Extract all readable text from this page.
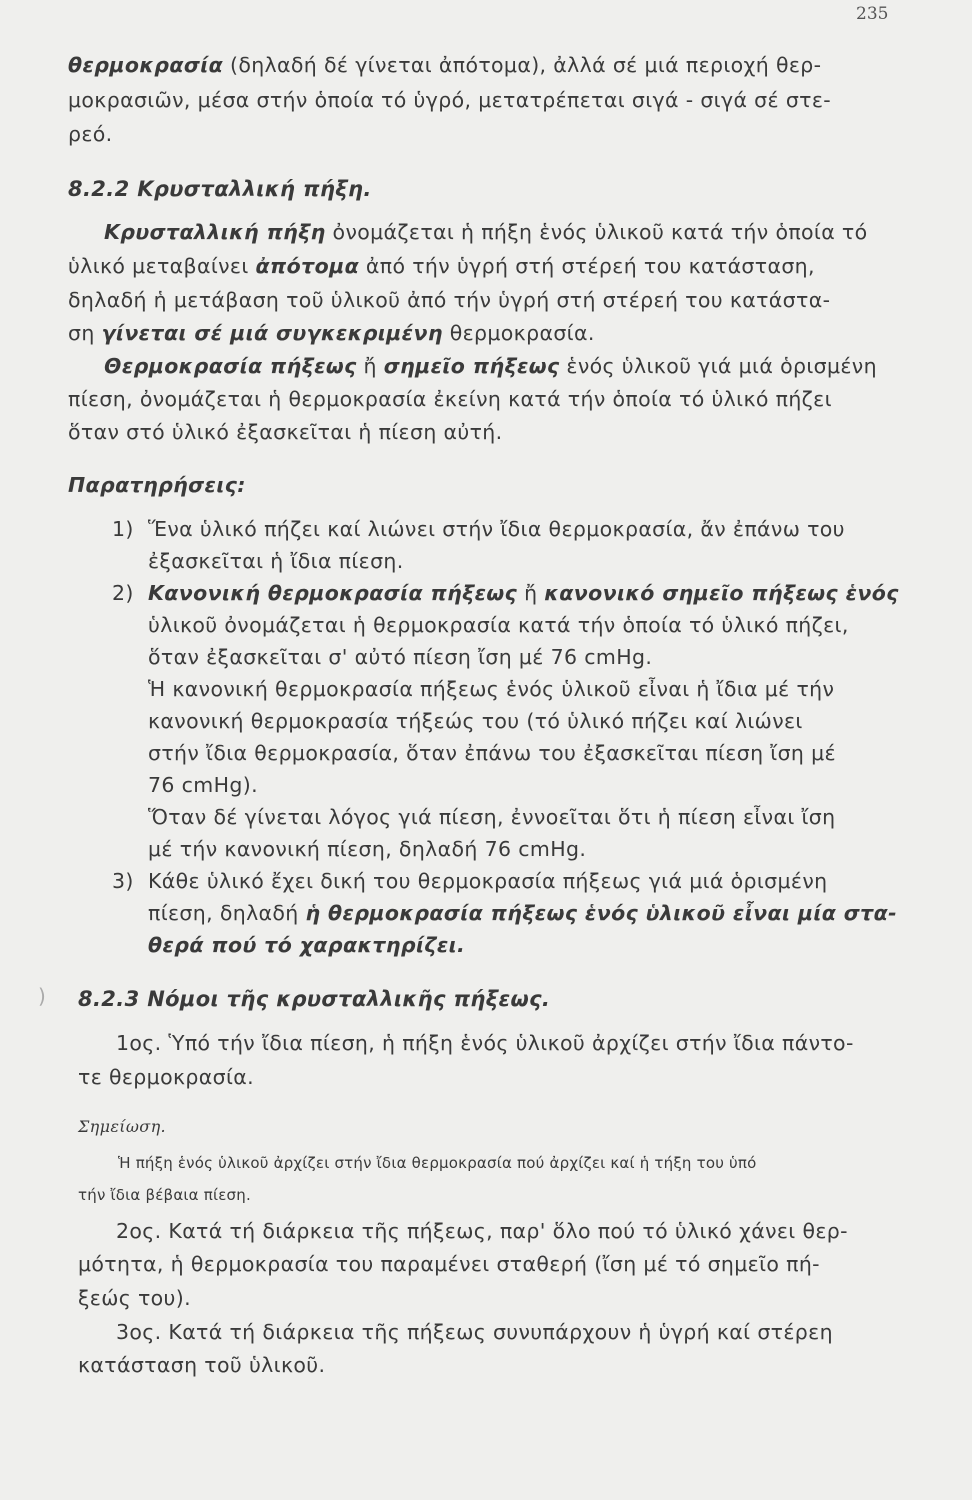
235
θερμοκρασία (δηλαδή δέ γίνεται ἀπότομα), ἀλλά σέ μιά περιοχή θερ-
μοκρασιῶν, μέσα στήν ὁποία τό ὑγρό, μετατρέπεται σιγά - σιγά σέ στε-
ρεό.
8.2.2 Κρυσταλλική πήξη.
Κρυσταλλική πήξη ὀνομάζεται ἡ πήξη ἑνός ὑλικοῦ κατά τήν ὁποία τό
ὑλικό μεταβαίνει ἀπότομα ἀπό τήν ὑγρή στή στέρεή του κατάσταση,
δηλαδή ἡ μετάβαση τοῦ ὑλικοῦ ἀπό τήν ὑγρή στή στέρεή του κατάστα-
ση γίνεται σέ μιά συγκεκριμένη θερμοκρασία.
Θερμοκρασία πήξεως ἤ σημεῖο πήξεως ἑνός ὑλικοῦ γιά μιά ὁρισμένη
πίεση, ὀνομάζεται ἡ θερμοκρασία ἐκείνη κατά τήν ὁποία τό ὑλικό πήζει
ὅταν στό ὑλικό ἐξασκεῖται ἡ πίεση αὐτή.
Παρατηρήσεις:
1) Ἕνα ὑλικό πήζει καί λιώνει στήν ἴδια θερμοκρασία, ἄν ἐπάνω του
ἐξασκεῖται ἡ ἴδια πίεση.
2) Κανονική θερμοκρασία πήξεως ἤ κανονικό σημεῖο πήξεως ἑνός
ὑλικοῦ ὀνομάζεται ἡ θερμοκρασία κατά τήν ὁποία τό ὑλικό πήζει,
ὅταν ἐξασκεῖται σ' αὐτό πίεση ἴση μέ 76 cmHg.
Ἡ κανονική θερμοκρασία πήξεως ἑνός ὑλικοῦ εἶναι ἡ ἴδια μέ τήν
κανονική θερμοκρασία τήξεώς του (τό ὑλικό πήζει καί λιώνει
στήν ἴδια θερμοκρασία, ὅταν ἐπάνω του ἐξασκεῖται πίεση ἴση μέ
76 cmHg).
Ὅταν δέ γίνεται λόγος γιά πίεση, ἐννοεῖται ὅτι ἡ πίεση εἶναι ἴση
μέ τήν κανονική πίεση, δηλαδή 76 cmHg.
3) Κάθε ὑλικό ἔχει δική του θερμοκρασία πήξεως γιά μιά ὁρισμένη
πίεση, δηλαδή ἡ θερμοκρασία πήξεως ἑνός ὑλικοῦ εἶναι μία στα-
θερά πού τό χαρακτηρίζει.
) 8.2.3 Νόμοι τῆς κρυσταλλικῆς πήξεως.
1ος. Ὑπό τήν ἴδια πίεση, ἡ πήξη ἑνός ὑλικοῦ ἀρχίζει στήν ἴδια πάντο-
τε θερμοκρασία.
Σημείωση.
Ἡ πήξη ἑνός ὑλικοῦ ἀρχίζει στήν ἴδια θερμοκρασία πού ἀρχίζει καί ἡ τήξη του ὑπό
τήν ἴδια βέβαια πίεση.
2ος. Κατά τή διάρκεια τῆς πήξεως, παρ' ὅλο πού τό ὑλικό χάνει θερ-
μότητα, ἡ θερμοκρασία του παραμένει σταθερή (ἴση μέ τό σημεῖο πή-
ξεώς του).
3ος. Κατά τή διάρκεια τῆς πήξεως συνυπάρχουν ἡ ὑγρή καί στέρεη
κατάσταση τοῦ ὑλικοῦ.
